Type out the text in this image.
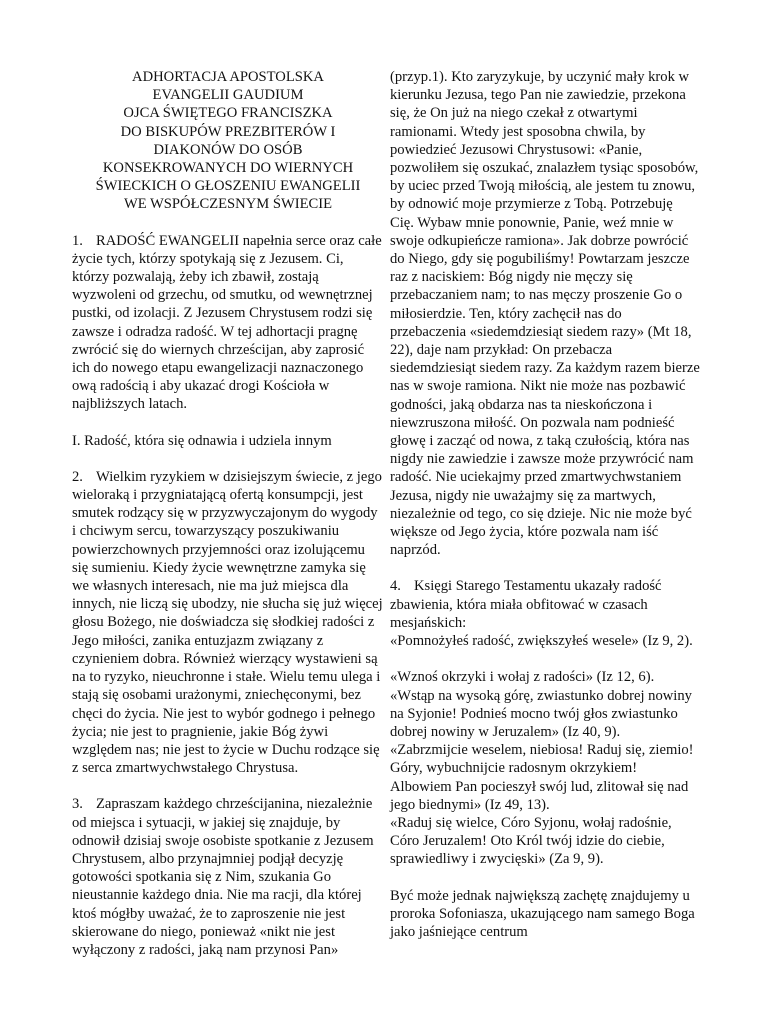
ADHORTACJA APOSTOLSKA
EVANGELII GAUDIUM
OJCA ŚWIĘTEGO FRANCISZKA
DO BISKUPÓW PREZBITERÓW I
DIAKONÓW DO OSÓB
KONSEKROWANYCH DO WIERNYCH
ŚWIECKICH O GŁOSZENIU EWANGELII
WE WSPÓŁCZESNYM ŚWIECIE

1. RADOŚĆ EWANGELII napełnia serce oraz całe życie tych, którzy spotykają się z Jezusem. Ci, którzy pozwalają, żeby ich zbawił, zostają wyzwoleni od grzechu, od smutku, od wewnętrznej pustki, od izolacji. Z Jezusem Chrystusem rodzi się zawsze i odradza radość. W tej adhortacji pragnę zwrócić się do wiernych chrześcijan, aby zaprosić ich do nowego etapu ewangelizacji naznaczonego ową radością i aby ukazać drogi Kościoła w najbliższych latach.

I. Radość, która się odnawia i udziela innym

2. Wielkim ryzykiem w dzisiejszym świecie, z jego wieloraką i przygniatającą ofertą konsumpcji, jest smutek rodzący się w przyzwyczajonym do wygody i chciwym sercu, towarzyszący poszukiwaniu powierzchownych przyjemności oraz izolującemu się sumieniu. Kiedy życie wewnętrzne zamyka się we własnych interesach, nie ma już miejsca dla innych, nie liczą się ubodzy, nie słucha się już więcej głosu Bożego, nie doświadcza się słodkiej radości z Jego miłości, zanika entuzjazm związany z czynieniem dobra. Również wierzący wystawieni są na to ryzyko, nieuchronne i stałe. Wielu temu ulega i stają się osobami urażonymi, zniechęconymi, bez chęci do życia. Nie jest to wybór godnego i pełnego życia; nie jest to pragnienie, jakie Bóg żywi względem nas; nie jest to życie w Duchu rodzące się z serca zmartwychwstałego Chrystusa.

3. Zapraszam każdego chrześcijanina, niezależnie od miejsca i sytuacji, w jakiej się znajduje, by odnowił dzisiaj swoje osobiste spotkanie z Jezusem Chrystusem, albo przynajmniej podjął decyzję gotowości spotkania się z Nim, szukania Go nieustannie każdego dnia. Nie ma racji, dla której ktoś mógłby uważać, że to zaproszenie nie jest skierowane do niego, ponieważ «nikt nie jest wyłączony z radości, jaką nam przynosi Pan»

(przyp.1). Kto zaryzykuje, by uczynić mały krok w kierunku Jezusa, tego Pan nie zawiedzie, przekona się, że On już na niego czekał z otwartymi ramionami. Wtedy jest sposobna chwila, by powiedzieć Jezusowi Chrystusowi: «Panie, pozwoliłem się oszukać, znalazłem tysiąc sposobów, by uciec przed Twoją miłością, ale jestem tu znowu, by odnowić moje przymierze z Tobą. Potrzebuję Cię. Wybaw mnie ponownie, Panie, weź mnie w swoje odkupieńcze ramiona». Jak dobrze powrócić do Niego, gdy się pogubiliśmy! Powtarzam jeszcze raz z naciskiem: Bóg nigdy nie męczy się przebaczaniem nam; to nas męczy proszenie Go o miłosierdzie. Ten, który zachęcił nas do przebaczenia «siedemdziesiąt siedem razy» (Mt 18, 22), daje nam przykład: On przebacza siedemdziesiąt siedem razy. Za każdym razem bierze nas w swoje ramiona. Nikt nie może nas pozbawić godności, jaką obdarza nas ta nieskończona i niewzruszona miłość. On pozwala nam podnieść głowę i zacząć od nowa, z taką czułością, która nas nigdy nie zawiedzie i zawsze może przywrócić nam radość. Nie uciekajmy przed zmartwychwstaniem Jezusa, nigdy nie uważajmy się za martwych, niezależnie od tego, co się dzieje. Nic nie może być większe od Jego życia, które pozwala nam iść naprzód.

4. Księgi Starego Testamentu ukazały radość zbawienia, która miała obfitować w czasach mesjańskich:

«Pomnożyłeś radość, zwiększyłeś wesele» (Iz 9, 2).

«Wznoś okrzyki i wołaj z radości» (Iz 12, 6).

«Wstąp na wysoką górę, zwiastunko dobrej nowiny na Syjonie! Podnieś mocno twój głos zwiastunko dobrej nowiny w Jeruzalem» (Iz 40, 9).

«Zabrzmijcie weselem, niebiosa! Raduj się, ziemio! Góry, wybuchnijcie radosnym okrzykiem! Albowiem Pan pocieszył swój lud, zlitował się nad jego biednymi» (Iz 49, 13).

«Raduj się wielce, Córo Syjonu, wołaj radośnie, Córo Jeruzalem! Oto Król twój idzie do ciebie, sprawiedliwy i zwycięski» (Za 9, 9).

Być może jednak największą zachętę znajdujemy u proroka Sofoniasza, ukazującego nam samego Boga jako jaśniejące centrum
